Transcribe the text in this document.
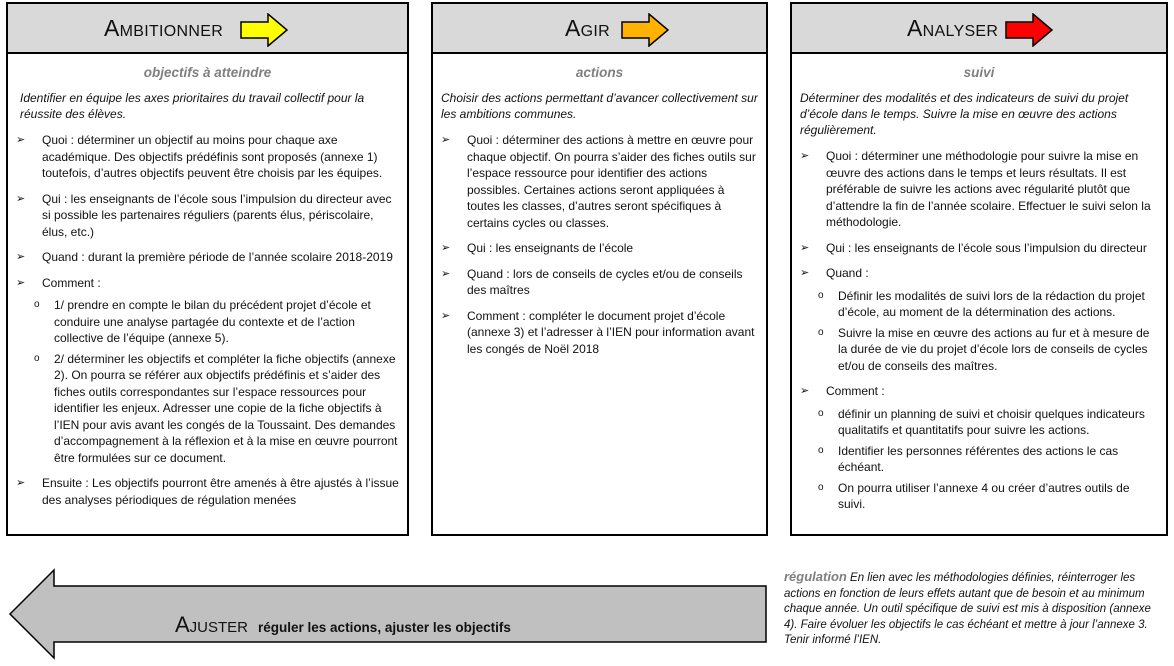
Ambitionner
objectifs à atteindre
Identifier en équipe les axes prioritaires du travail collectif pour la réussite des élèves.
➢ Quoi : déterminer un objectif au moins pour chaque axe académique. Des objectifs prédéfinis sont proposés (annexe 1) toutefois, d’autres objectifs peuvent être choisis par les équipes.
➢ Qui : les enseignants de l’école sous l’impulsion du directeur avec si possible les partenaires réguliers (parents élus, périscolaire, élus, etc.)
➢ Quand : durant la première période de l’année scolaire 2018-2019
➢ Comment :
o 1/ prendre en compte le bilan du précédent projet d’école et conduire une analyse partagée du contexte et de l’action collective de l’équipe (annexe 5).
o 2/ déterminer les objectifs et compléter la fiche objectifs (annexe 2). On pourra se référer aux objectifs prédéfinis et s’aider des fiches outils correspondantes sur l’espace ressources pour identifier les enjeux. Adresser une copie de la fiche objectifs à l’IEN pour avis avant les congés de la Toussaint. Des demandes d’accompagnement à la réflexion et à la mise en œuvre pourront être formulées sur ce document.
➢ Ensuite : Les objectifs pourront être amenés à être ajustés à l’issue des analyses périodiques de régulation menées
Agir
actions
Choisir des actions permettant d’avancer collectivement sur les ambitions communes.
➢ Quoi : déterminer des actions à mettre en œuvre pour chaque objectif. On pourra s’aider des fiches outils sur l’espace ressource pour identifier des actions possibles. Certaines actions seront appliquées à toutes les classes, d’autres seront spécifiques à certains cycles ou classes.
➢ Qui : les enseignants de l’école
➢ Quand : lors de conseils de cycles et/ou de conseils des maîtres
➢ Comment : compléter le document projet d’école (annexe 3) et l’adresser à l’IEN pour information avant les congés de Noël 2018
Analyser
suivi
Déterminer des modalités et des indicateurs de suivi du projet d’école dans le temps. Suivre la mise en œuvre des actions régulièrement.
➢ Quoi : déterminer une méthodologie pour suivre la mise en œuvre des actions dans le temps et leurs résultats. Il est préférable de suivre les actions avec régularité plutôt que d’attendre la fin de l’année scolaire. Effectuer le suivi selon la méthodologie.
➢ Qui : les enseignants de l’école sous l’impulsion du directeur
➢ Quand :
o Définir les modalités de suivi lors de la rédaction du projet d’école, au moment de la détermination des actions.
o Suivre la mise en œuvre des actions au fur et à mesure de la durée de vie du projet d’école lors de conseils de cycles et/ou de conseils des maîtres.
➢ Comment :
o définir un planning de suivi et choisir quelques indicateurs qualitatifs et quantitatifs pour suivre les actions.
o Identifier les personnes référentes des actions le cas échéant.
o On pourra utiliser l’annexe 4 ou créer d’autres outils de suivi.
Ajuster réguler les actions, ajuster les objectifs
régulation En lien avec les méthodologies définies, réinterroger les actions en fonction de leurs effets autant que de besoin et au minimum chaque année. Un outil spécifique de suivi est mis à disposition (annexe 4). Faire évoluer les objectifs le cas échéant et mettre à jour l’annexe 3. Tenir informé l’IEN.
